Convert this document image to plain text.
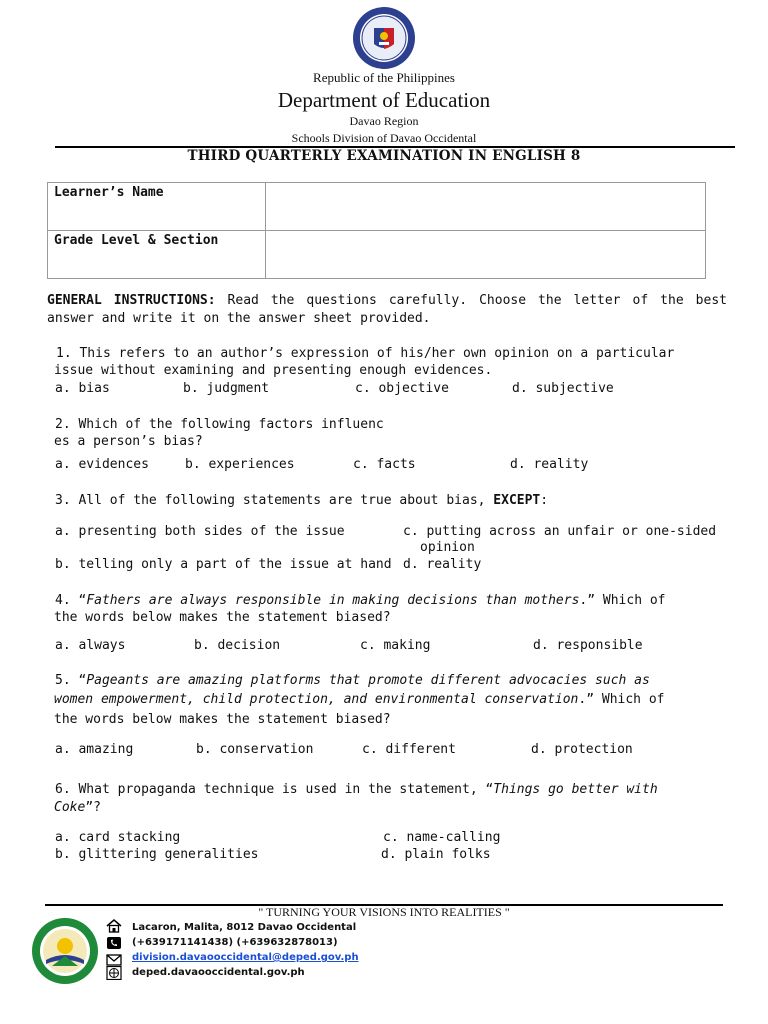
Republic of the Philippines
Department of Education
Davao Region
Schools Division of Davao Occidental
THIRD QUARTERLY EXAMINATION IN ENGLISH 8
Learner’s Name	
Grade Level & Section	
GENERAL INSTRUCTIONS: Read the questions carefully. Choose the letter of the best answer and write it on the answer sheet provided.
1. This refers to an author’s expression of his/her own opinion on a particular
issue without examining and presenting enough evidences.
a. bias	b. judgment	c. objective	d. subjective
2. Which of the following factors influenc
es a person’s bias?
a. evidences	b. experiences	c. facts	d. reality
3. All of the following statements are true about bias, EXCEPT:
a. presenting both sides of the issue	c. putting across an unfair or one-sided
opinion
b. telling only a part of the issue at hand d. reality
4. “Fathers are always responsible in making decisions than mothers.” Which of
the words below makes the statement biased?
a. always	b. decision	c. making	d. responsible
5. “Pageants are amazing platforms that promote different advocacies such as
women empowerment, child protection, and environmental conservation.” Which of
the words below makes the statement biased?
a. amazing	b. conservation	c. different	d. protection
6. What propaganda technique is used in the statement, “Things go better with
Coke”?
a. card stacking	c. name-calling
b. glittering generalities	d. plain folks
" TURNING YOUR VISIONS INTO REALITIES "
Lacaron, Malita, 8012 Davao Occidental
(+639171141438) (+639632878013)
division.davaooccidental@deped.gov.ph
deped.davaooccidental.gov.ph
